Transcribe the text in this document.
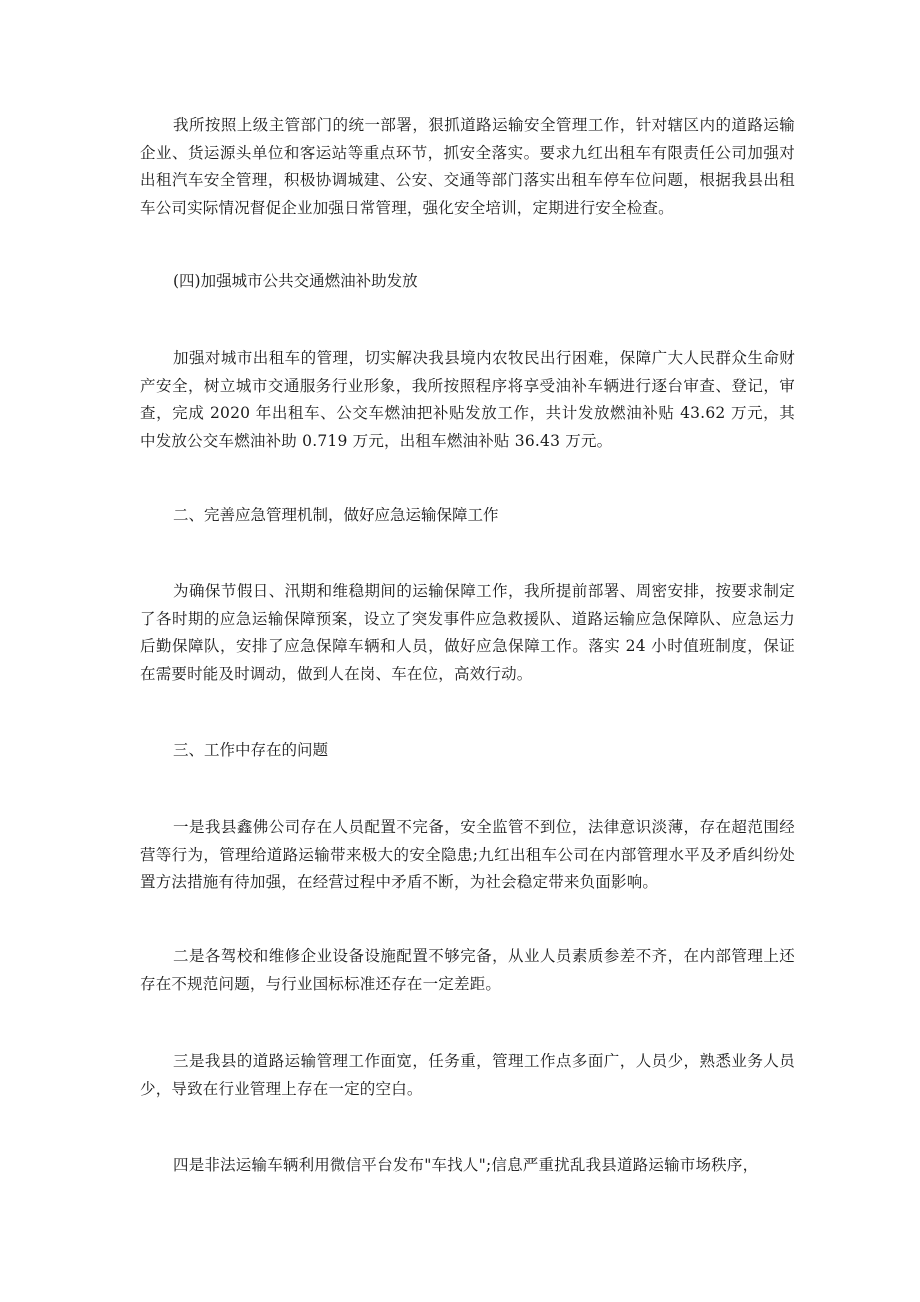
我所按照上级主管部门的统一部署，狠抓道路运输安全管理工作，针对辖区内的道路运输企业、货运源头单位和客运站等重点环节，抓安全落实。要求九红出租车有限责任公司加强对出租汽车安全管理，积极协调城建、公安、交通等部门落实出租车停车位问题，根据我县出租车公司实际情况督促企业加强日常管理，强化安全培训，定期进行安全检查。

(四)加强城市公共交通燃油补助发放

加强对城市出租车的管理，切实解决我县境内农牧民出行困难，保障广大人民群众生命财产安全，树立城市交通服务行业形象，我所按照程序将享受油补车辆进行逐台审查、登记，审查，完成 2020 年出租车、公交车燃油把补贴发放工作，共计发放燃油补贴 43.62 万元，其中发放公交车燃油补助 0.719 万元，出租车燃油补贴 36.43 万元。

二、完善应急管理机制，做好应急运输保障工作

为确保节假日、汛期和维稳期间的运输保障工作，我所提前部署、周密安排，按要求制定了各时期的应急运输保障预案，设立了突发事件应急救援队、道路运输应急保障队、应急运力后勤保障队，安排了应急保障车辆和人员，做好应急保障工作。落实 24 小时值班制度，保证在需要时能及时调动，做到人在岗、车在位，高效行动。

三、工作中存在的问题

一是我县鑫佛公司存在人员配置不完备，安全监管不到位，法律意识淡薄，存在超范围经营等行为，管理给道路运输带来极大的安全隐患;九红出租车公司在内部管理水平及矛盾纠纷处置方法措施有待加强，在经营过程中矛盾不断，为社会稳定带来负面影响。

二是各驾校和维修企业设备设施配置不够完备，从业人员素质参差不齐，在内部管理上还存在不规范问题，与行业国标标准还存在一定差距。

三是我县的道路运输管理工作面宽，任务重，管理工作点多面广，人员少，熟悉业务人员少，导致在行业管理上存在一定的空白。

四是非法运输车辆利用微信平台发布"车找人";信息严重扰乱我县道路运输市场秩序，
